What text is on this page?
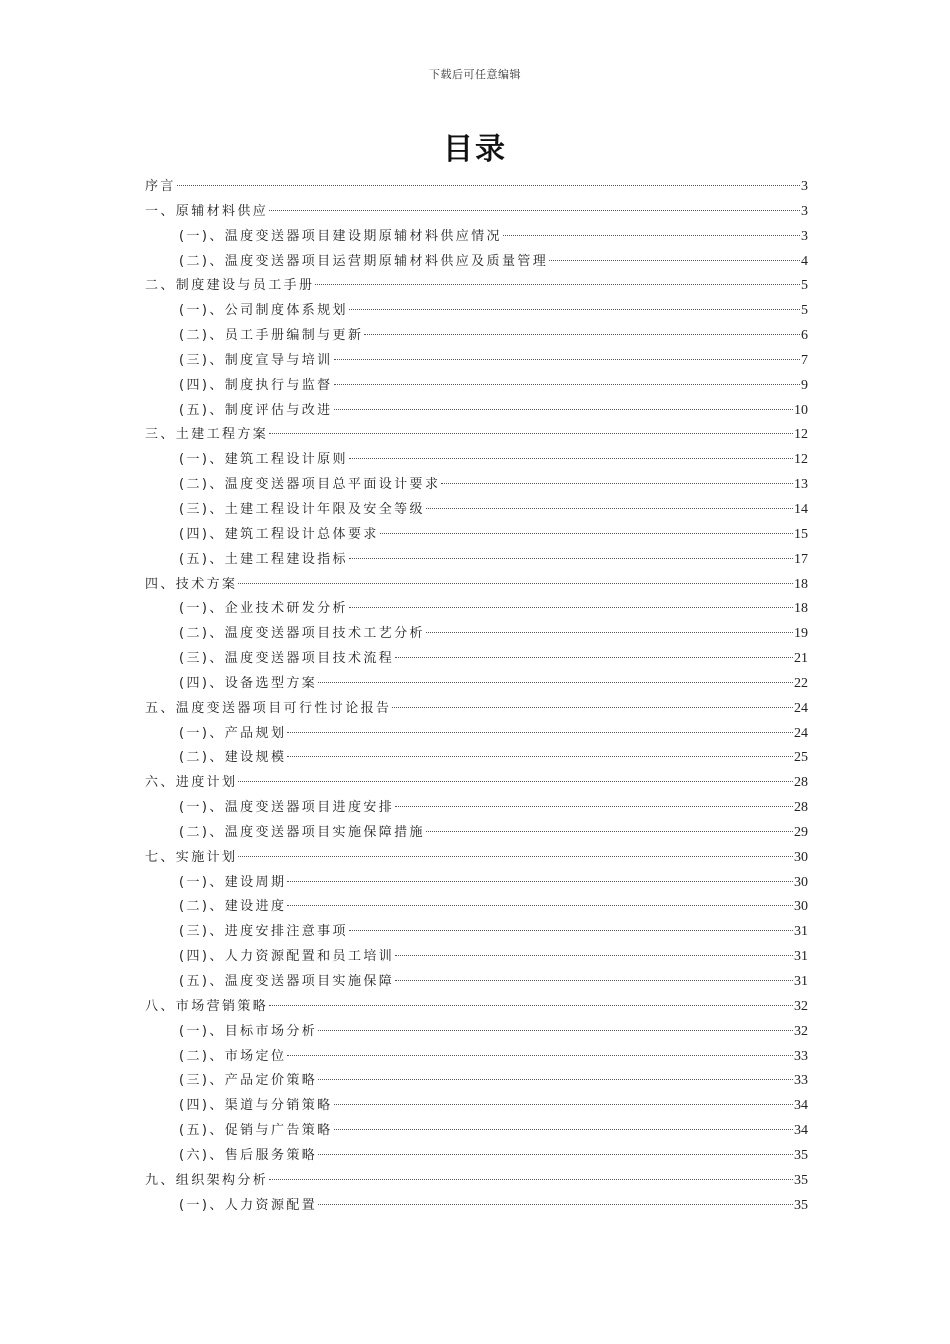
下载后可任意编辑
目录
序言	3
一、原辅材料供应	3
(一)、温度变送器项目建设期原辅材料供应情况	3
(二)、温度变送器项目运营期原辅材料供应及质量管理	4
二、制度建设与员工手册	5
(一)、公司制度体系规划	5
(二)、员工手册编制与更新	6
(三)、制度宣导与培训	7
(四)、制度执行与监督	9
(五)、制度评估与改进	10
三、土建工程方案	12
(一)、建筑工程设计原则	12
(二)、温度变送器项目总平面设计要求	13
(三)、土建工程设计年限及安全等级	14
(四)、建筑工程设计总体要求	15
(五)、土建工程建设指标	17
四、技术方案	18
(一)、企业技术研发分析	18
(二)、温度变送器项目技术工艺分析	19
(三)、温度变送器项目技术流程	21
(四)、设备选型方案	22
五、温度变送器项目可行性讨论报告	24
(一)、产品规划	24
(二)、建设规模	25
六、进度计划	28
(一)、温度变送器项目进度安排	28
(二)、温度变送器项目实施保障措施	29
七、实施计划	30
(一)、建设周期	30
(二)、建设进度	30
(三)、进度安排注意事项	31
(四)、人力资源配置和员工培训	31
(五)、温度变送器项目实施保障	31
八、市场营销策略	32
(一)、目标市场分析	32
(二)、市场定位	33
(三)、产品定价策略	33
(四)、渠道与分销策略	34
(五)、促销与广告策略	34
(六)、售后服务策略	35
九、组织架构分析	35
(一)、人力资源配置	35
